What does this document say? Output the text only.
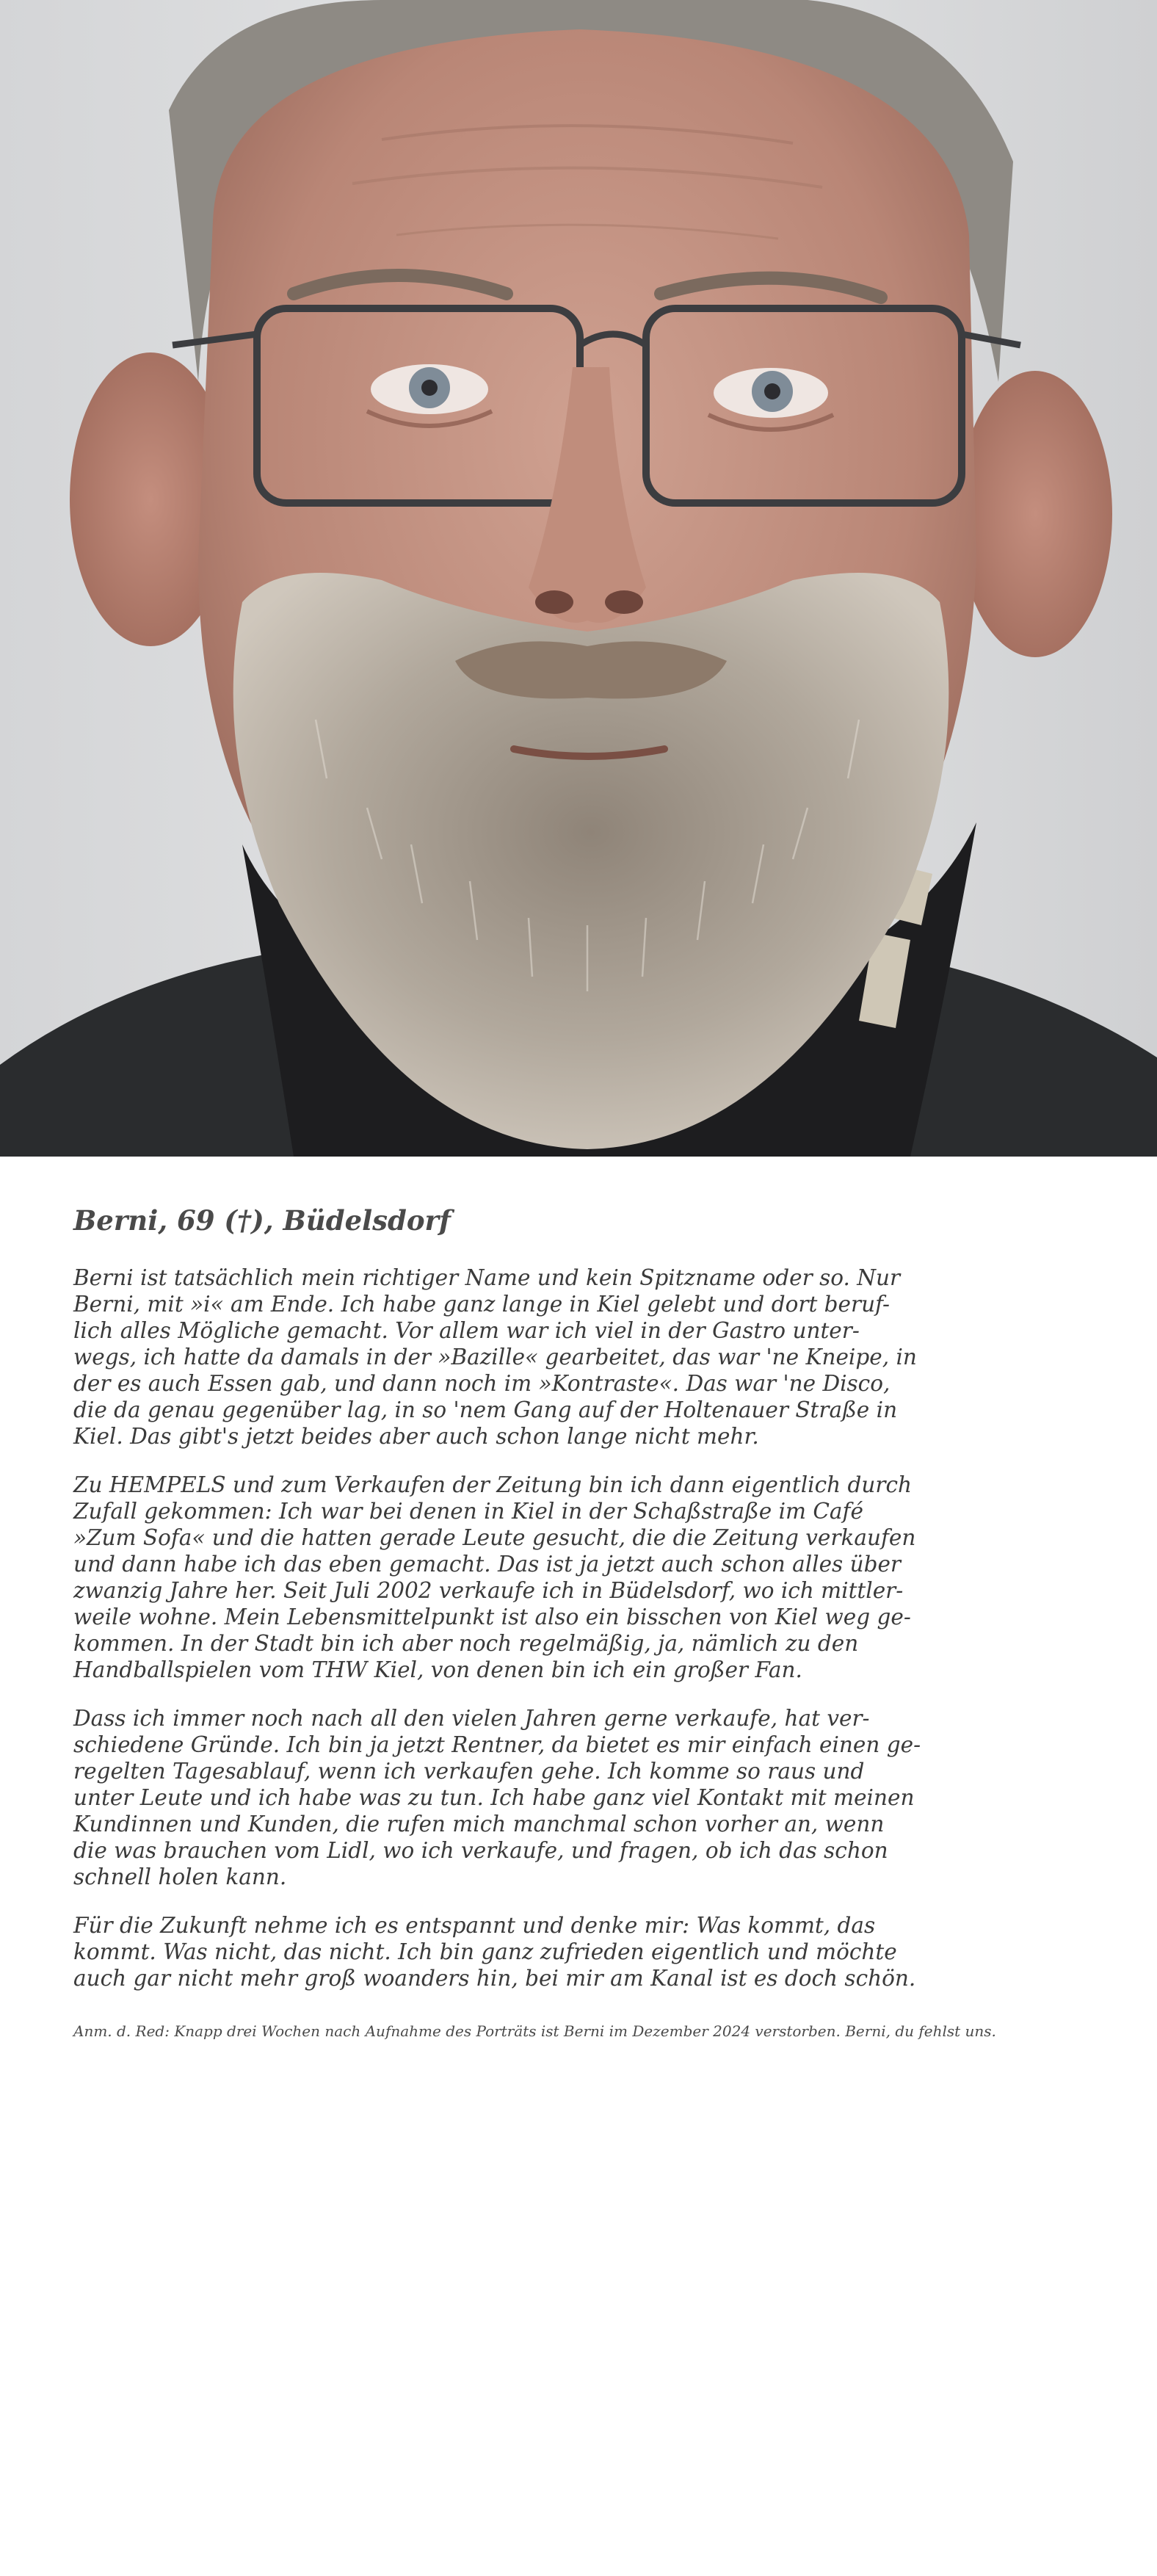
Berni, 69 (†), Büdelsdorf

Berni ist tatsächlich mein richtiger Name und kein Spitzname oder so. Nur
Berni, mit »i« am Ende. Ich habe ganz lange in Kiel gelebt und dort beruf-
lich alles Mögliche gemacht. Vor allem war ich viel in der Gastro unter-
wegs, ich hatte da damals in der »Bazille« gearbeitet, das war 'ne Kneipe, in
der es auch Essen gab, und dann noch im »Kontraste«. Das war 'ne Disco,
die da genau gegenüber lag, in so 'nem Gang auf der Holtenauer Straße in
Kiel. Das gibt's jetzt beides aber auch schon lange nicht mehr.

Zu HEMPELS und zum Verkaufen der Zeitung bin ich dann eigentlich durch
Zufall gekommen: Ich war bei denen in Kiel in der Schaßstraße im Café
»Zum Sofa« und die hatten gerade Leute gesucht, die die Zeitung verkaufen
und dann habe ich das eben gemacht. Das ist ja jetzt auch schon alles über
zwanzig Jahre her. Seit Juli 2002 verkaufe ich in Büdelsdorf, wo ich mittler-
weile wohne. Mein Lebensmittelpunkt ist also ein bisschen von Kiel weg ge-
kommen. In der Stadt bin ich aber noch regelmäßig, ja, nämlich zu den
Handballspielen vom THW Kiel, von denen bin ich ein großer Fan.

Dass ich immer noch nach all den vielen Jahren gerne verkaufe, hat ver-
schiedene Gründe. Ich bin ja jetzt Rentner, da bietet es mir einfach einen ge-
regelten Tagesablauf, wenn ich verkaufen gehe. Ich komme so raus und
unter Leute und ich habe was zu tun. Ich habe ganz viel Kontakt mit meinen
Kundinnen und Kunden, die rufen mich manchmal schon vorher an, wenn
die was brauchen vom Lidl, wo ich verkaufe, und fragen, ob ich das schon
schnell holen kann.

Für die Zukunft nehme ich es entspannt und denke mir: Was kommt, das
kommt. Was nicht, das nicht. Ich bin ganz zufrieden eigentlich und möchte
auch gar nicht mehr groß woanders hin, bei mir am Kanal ist es doch schön.

Anm. d. Red: Knapp drei Wochen nach Aufnahme des Porträts ist Berni im Dezember 2024 verstorben. Berni, du fehlst uns.
